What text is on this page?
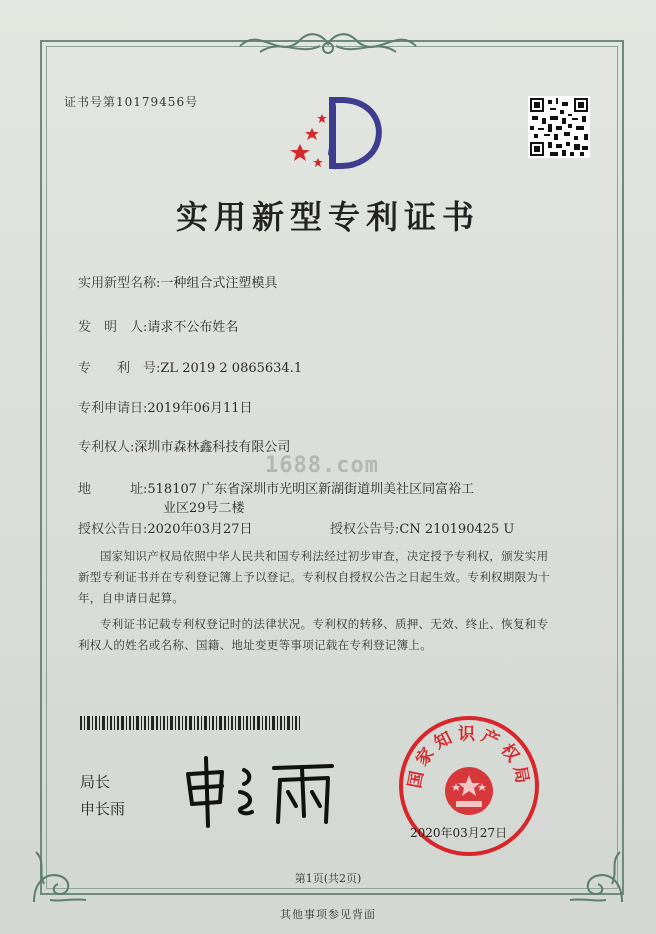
证书号第10179456号
实用新型专利证书
实用新型名称:一种组合式注塑模具
发　明　人:请求不公布姓名
专　　利　号:ZL 2019 2 0865634.1
专利申请日:2019年06月11日
专利权人:深圳市森林鑫科技有限公司
1688.com
地　　　址:518107 广东省深圳市光明区新湖街道圳美社区同富裕工
业区29号二楼
授权公告日:2020年03月27日	授权公告号:CN 210190425 U
国家知识产权局依照中华人民共和国专利法经过初步审查，决定授予专利权，颁发实用
新型专利证书并在专利登记簿上予以登记。专利权自授权公告之日起生效。专利权期限为十
年，自申请日起算。
专利证书记载专利权登记时的法律状况。专利权的转移、质押、无效、终止、恢复和专
利权人的姓名或名称、国籍、地址变更等事项记载在专利登记簿上。
局长
申长雨
国家知识产权局
2020年03月27日
第1页(共2页)
其他事项参见背面
